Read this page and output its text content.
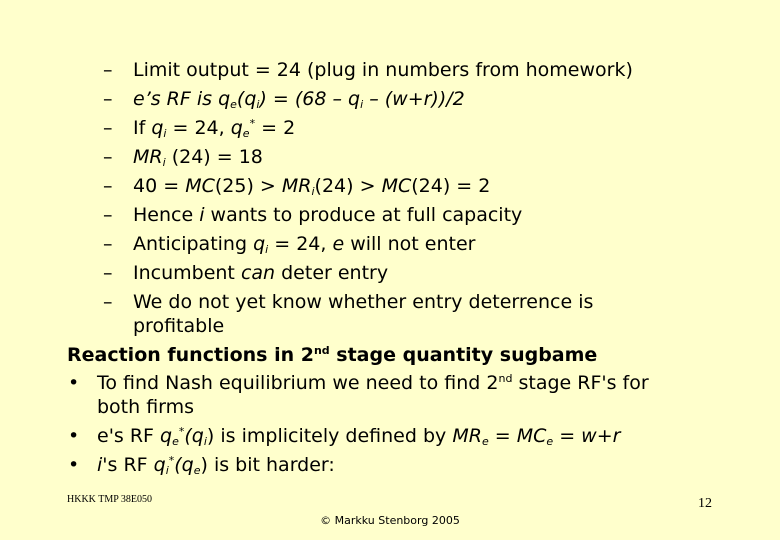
– Limit output = 24 (plug in numbers from homework)
– e’s RF is $q_e(q_i) = (68 - q_i - (w+r))/2$
– If $q_i = 24$, $q_e^* = 2$
– $MR_i$ (24) = 18
– $40 = MC(25) > MR_i(24) > MC(24) = 2$
– Hence i wants to produce at full capacity
– Anticipating $q_i = 24$, e will not enter
– Incumbent can deter entry
– We do not yet know whether entry deterrence is
profitable
Reaction functions in 2nd stage quantity sugbame
• To find Nash equilibrium we need to find 2nd stage RF's for
both firms
• e's RF $q_e^*(q_i)$ is implicitely defined by $MR_e = MC_e = w+r$
• i's RF $q_i^*(q_e)$ is bit harder:
HKKK TMP 38E050	12
© Markku Stenborg 2005
